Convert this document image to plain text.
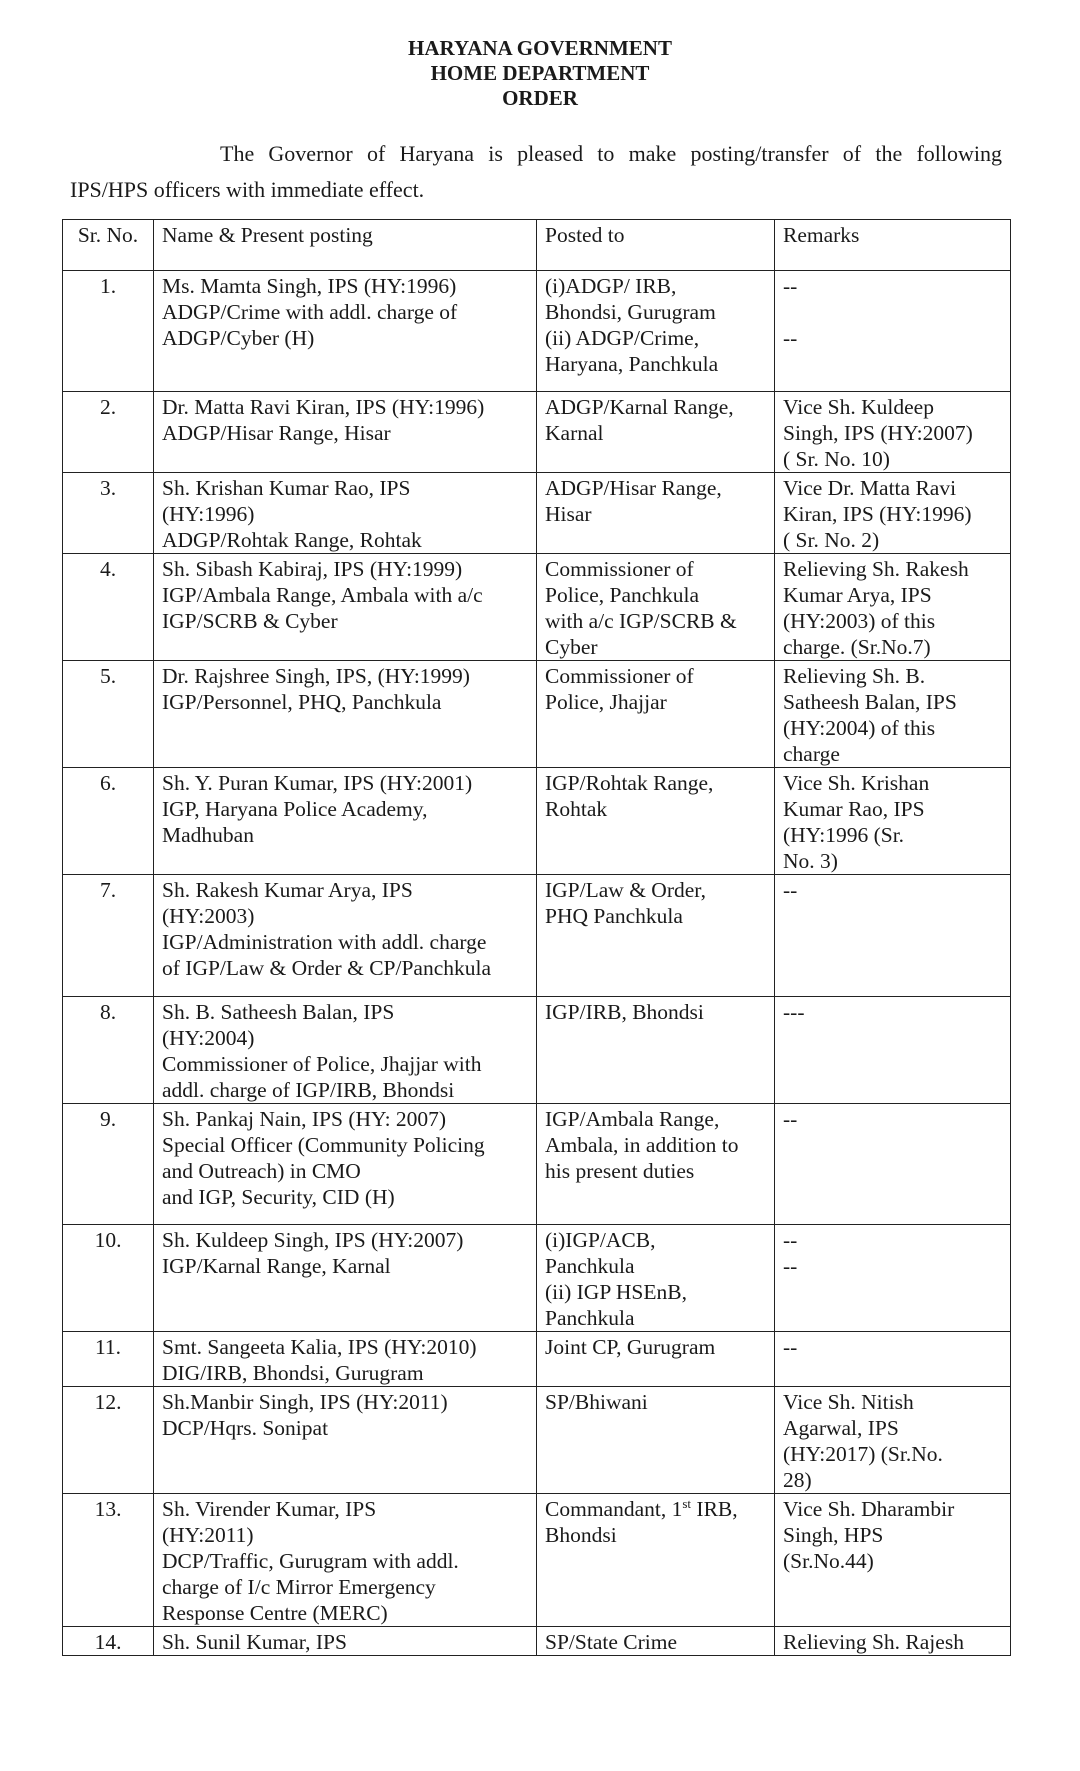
HARYANA GOVERNMENT
HOME DEPARTMENT
ORDER
The Governor of Haryana is pleased to make posting/transfer of the following
IPS/HPS officers with immediate effect.
Sr. No.	Name & Present posting	Posted to	Remarks
1.	Ms. Mamta Singh, IPS (HY:1996)
ADGP/Crime with addl. charge of
ADGP/Cyber (H)	(i)ADGP/ IRB,
Bhondsi, Gurugram
(ii) ADGP/Crime,
Haryana, Panchkula	--
--

2.	Dr. Matta Ravi Kiran, IPS (HY:1996)
ADGP/Hisar Range, Hisar	ADGP/Karnal Range,
Karnal	Vice Sh. Kuldeep
Singh, IPS (HY:2007)
( Sr. No. 10)

3.	Sh. Krishan Kumar Rao, IPS
(HY:1996)
ADGP/Rohtak Range, Rohtak	ADGP/Hisar Range,
Hisar	Vice Dr. Matta Ravi
Kiran, IPS (HY:1996)
( Sr. No. 2)

4.	Sh. Sibash Kabiraj, IPS (HY:1999)
IGP/Ambala Range, Ambala with a/c
IGP/SCRB & Cyber	Commissioner of
Police, Panchkula
with a/c IGP/SCRB &
Cyber	Relieving Sh. Rakesh
Kumar Arya, IPS
(HY:2003) of this
charge. (Sr.No.7)

5.	Dr. Rajshree Singh, IPS, (HY:1999)
IGP/Personnel, PHQ, Panchkula	Commissioner of
Police, Jhajjar	Relieving Sh. B.
Satheesh Balan, IPS
(HY:2004) of this
charge

6.	Sh. Y. Puran Kumar, IPS (HY:2001)
IGP, Haryana Police Academy,
Madhuban	IGP/Rohtak Range,
Rohtak	Vice Sh. Krishan
Kumar Rao, IPS
(HY:1996 (Sr.
No. 3)

7.	Sh. Rakesh Kumar Arya, IPS
(HY:2003)
IGP/Administration with addl. charge
of IGP/Law & Order & CP/Panchkula	IGP/Law & Order,
PHQ Panchkula	--

8.	Sh. B. Satheesh Balan, IPS
(HY:2004)
Commissioner of Police, Jhajjar with
addl. charge of IGP/IRB, Bhondsi	IGP/IRB, Bhondsi	---

9.	Sh. Pankaj Nain, IPS (HY: 2007)
Special Officer (Community Policing
and Outreach) in CMO
and IGP, Security, CID (H)	IGP/Ambala Range,
Ambala, in addition to
his present duties	--

10.	Sh. Kuldeep Singh, IPS (HY:2007)
IGP/Karnal Range, Karnal	(i)IGP/ACB,
Panchkula
(ii) IGP HSEnB,
Panchkula	--
--

11.	Smt. Sangeeta Kalia, IPS (HY:2010)
DIG/IRB, Bhondsi, Gurugram	Joint CP, Gurugram	--

12.	Sh.Manbir Singh, IPS (HY:2011)
DCP/Hqrs. Sonipat	SP/Bhiwani	Vice Sh. Nitish
Agarwal, IPS
(HY:2017) (Sr.No.
28)

13.	Sh. Virender Kumar, IPS
(HY:2011)
DCP/Traffic, Gurugram with addl.
charge of I/c Mirror Emergency
Response Centre (MERC)	Commandant, 1st IRB,
Bhondsi	Vice Sh. Dharambir
Singh, HPS
(Sr.No.44)

14.	Sh. Sunil Kumar, IPS	SP/State Crime	Relieving Sh. Rajesh
